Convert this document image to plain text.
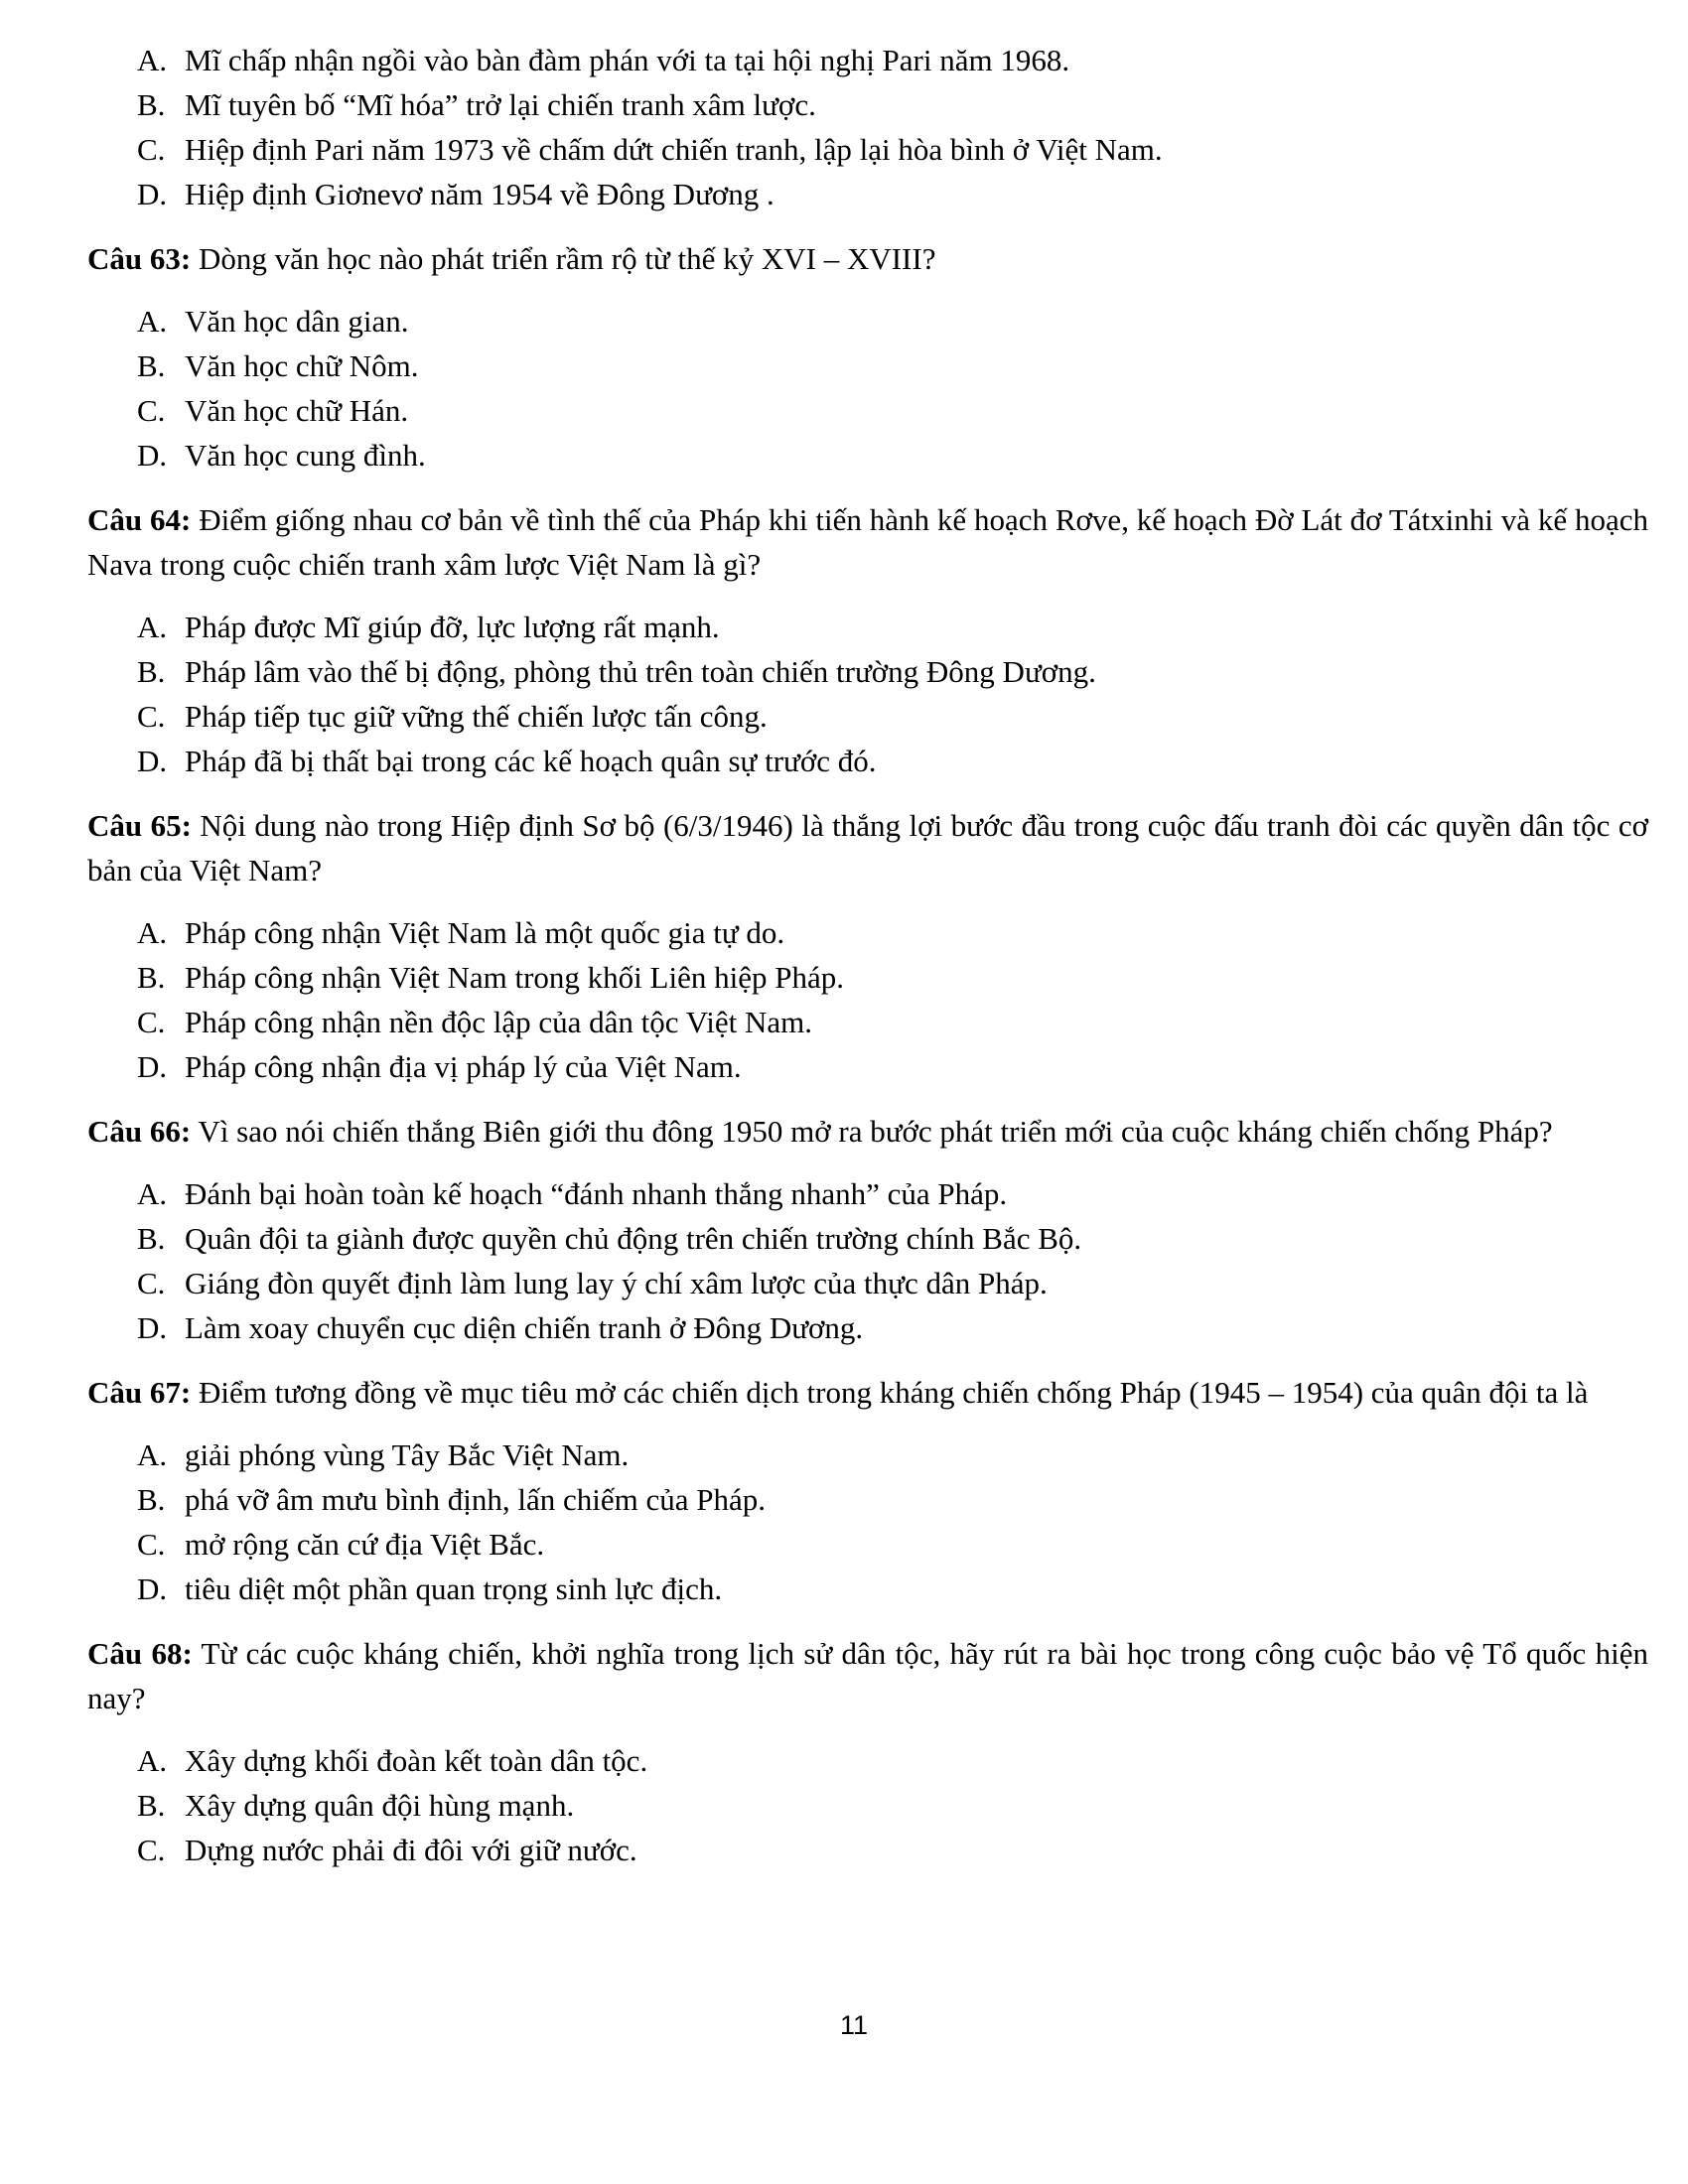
A. Mĩ chấp nhận ngồi vào bàn đàm phán với ta tại hội nghị Pari năm 1968.
B. Mĩ tuyên bố “Mĩ hóa” trở lại chiến tranh xâm lược.
C. Hiệp định Pari năm 1973 về chấm dứt chiến tranh, lập lại hòa bình ở Việt Nam.
D. Hiệp định Giơnevơ năm 1954 về Đông Dương .

Câu 63: Dòng văn học nào phát triển rầm rộ từ thế kỷ XVI – XVIII?

A. Văn học dân gian.
B. Văn học chữ Nôm.
C. Văn học chữ Hán.
D. Văn học cung đình.

Câu 64: Điểm giống nhau cơ bản về tình thế của Pháp khi tiến hành kế hoạch Rơve, kế hoạch Đờ Lát đơ Tátxinhi và kế hoạch Nava trong cuộc chiến tranh xâm lược Việt Nam là gì?

A. Pháp được Mĩ giúp đỡ, lực lượng rất mạnh.
B. Pháp lâm vào thế bị động, phòng thủ trên toàn chiến trường Đông Dương.
C. Pháp tiếp tục giữ vững thế chiến lược tấn công.
D. Pháp đã bị thất bại trong các kế hoạch quân sự trước đó.

Câu 65: Nội dung nào trong Hiệp định Sơ bộ (6/3/1946) là thắng lợi bước đầu trong cuộc đấu tranh đòi các quyền dân tộc cơ bản của Việt Nam?

A. Pháp công nhận Việt Nam là một quốc gia tự do.
B. Pháp công nhận Việt Nam trong khối Liên hiệp Pháp.
C. Pháp công nhận nền độc lập của dân tộc Việt Nam.
D. Pháp công nhận địa vị pháp lý của Việt Nam.

Câu 66: Vì sao nói chiến thắng Biên giới thu đông 1950 mở ra bước phát triển mới của cuộc kháng chiến chống Pháp?

A. Đánh bại hoàn toàn kế hoạch “đánh nhanh thắng nhanh” của Pháp.
B. Quân đội ta giành được quyền chủ động trên chiến trường chính Bắc Bộ.
C. Giáng đòn quyết định làm lung lay ý chí xâm lược của thực dân Pháp.
D. Làm xoay chuyển cục diện chiến tranh ở Đông Dương.

Câu 67: Điểm tương đồng về mục tiêu mở các chiến dịch trong kháng chiến chống Pháp (1945 – 1954) của quân đội ta là

A. giải phóng vùng Tây Bắc Việt Nam.
B. phá vỡ âm mưu bình định, lấn chiếm của Pháp.
C. mở rộng căn cứ địa Việt Bắc.
D. tiêu diệt một phần quan trọng sinh lực địch.

Câu 68: Từ các cuộc kháng chiến, khởi nghĩa trong lịch sử dân tộc, hãy rút ra bài học trong công cuộc bảo vệ Tổ quốc hiện nay?

A. Xây dựng khối đoàn kết toàn dân tộc.
B. Xây dựng quân đội hùng mạnh.
C. Dựng nước phải đi đôi với giữ nước.
11
